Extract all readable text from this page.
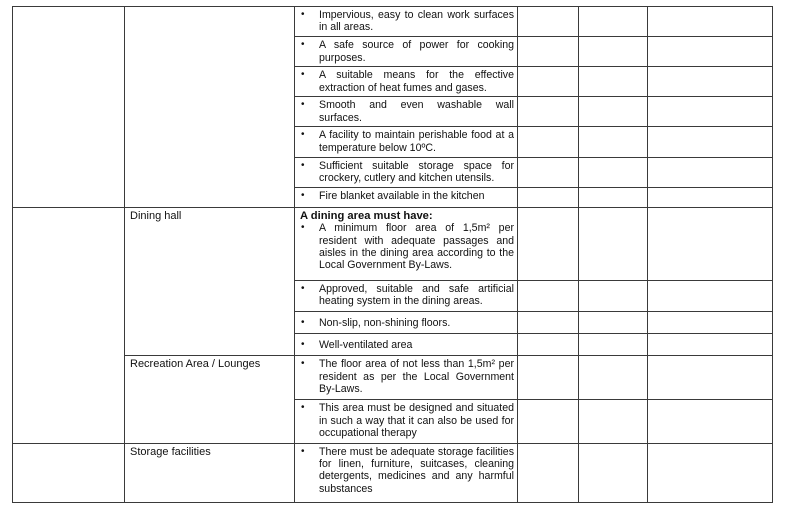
		• Impervious, easy to clean work surfaces in all areas.			

		• A safe source of power for cooking purposes.			

		• A suitable means for the effective extraction of heat fumes and gases.			

		• Smooth and even washable wall surfaces.			

		• A facility to maintain perishable food at a temperature below 10ºC.			

		• Sufficient suitable storage space for crockery, cutlery and kitchen utensils.			

		• Fire blanket available in the kitchen			

	Dining hall	A dining area must have:
• A minimum floor area of 1,5m² per resident with adequate passages and aisles in the dining area according to the Local Government By-Laws.			

		• Approved, suitable and safe artificial heating system in the dining areas.			

		• Non-slip, non-shining floors.			

		• Well-ventilated area			

	Recreation Area / Lounges	• The floor area of not less than 1,5m² per resident as per the Local Government By-Laws.			

		• This area must be designed and situated in such a way that it can also be used for occupational therapy			

	Storage facilities	• There must be adequate storage facilities for linen, furniture, suitcases, cleaning detergents, medicines and any harmful substances			
